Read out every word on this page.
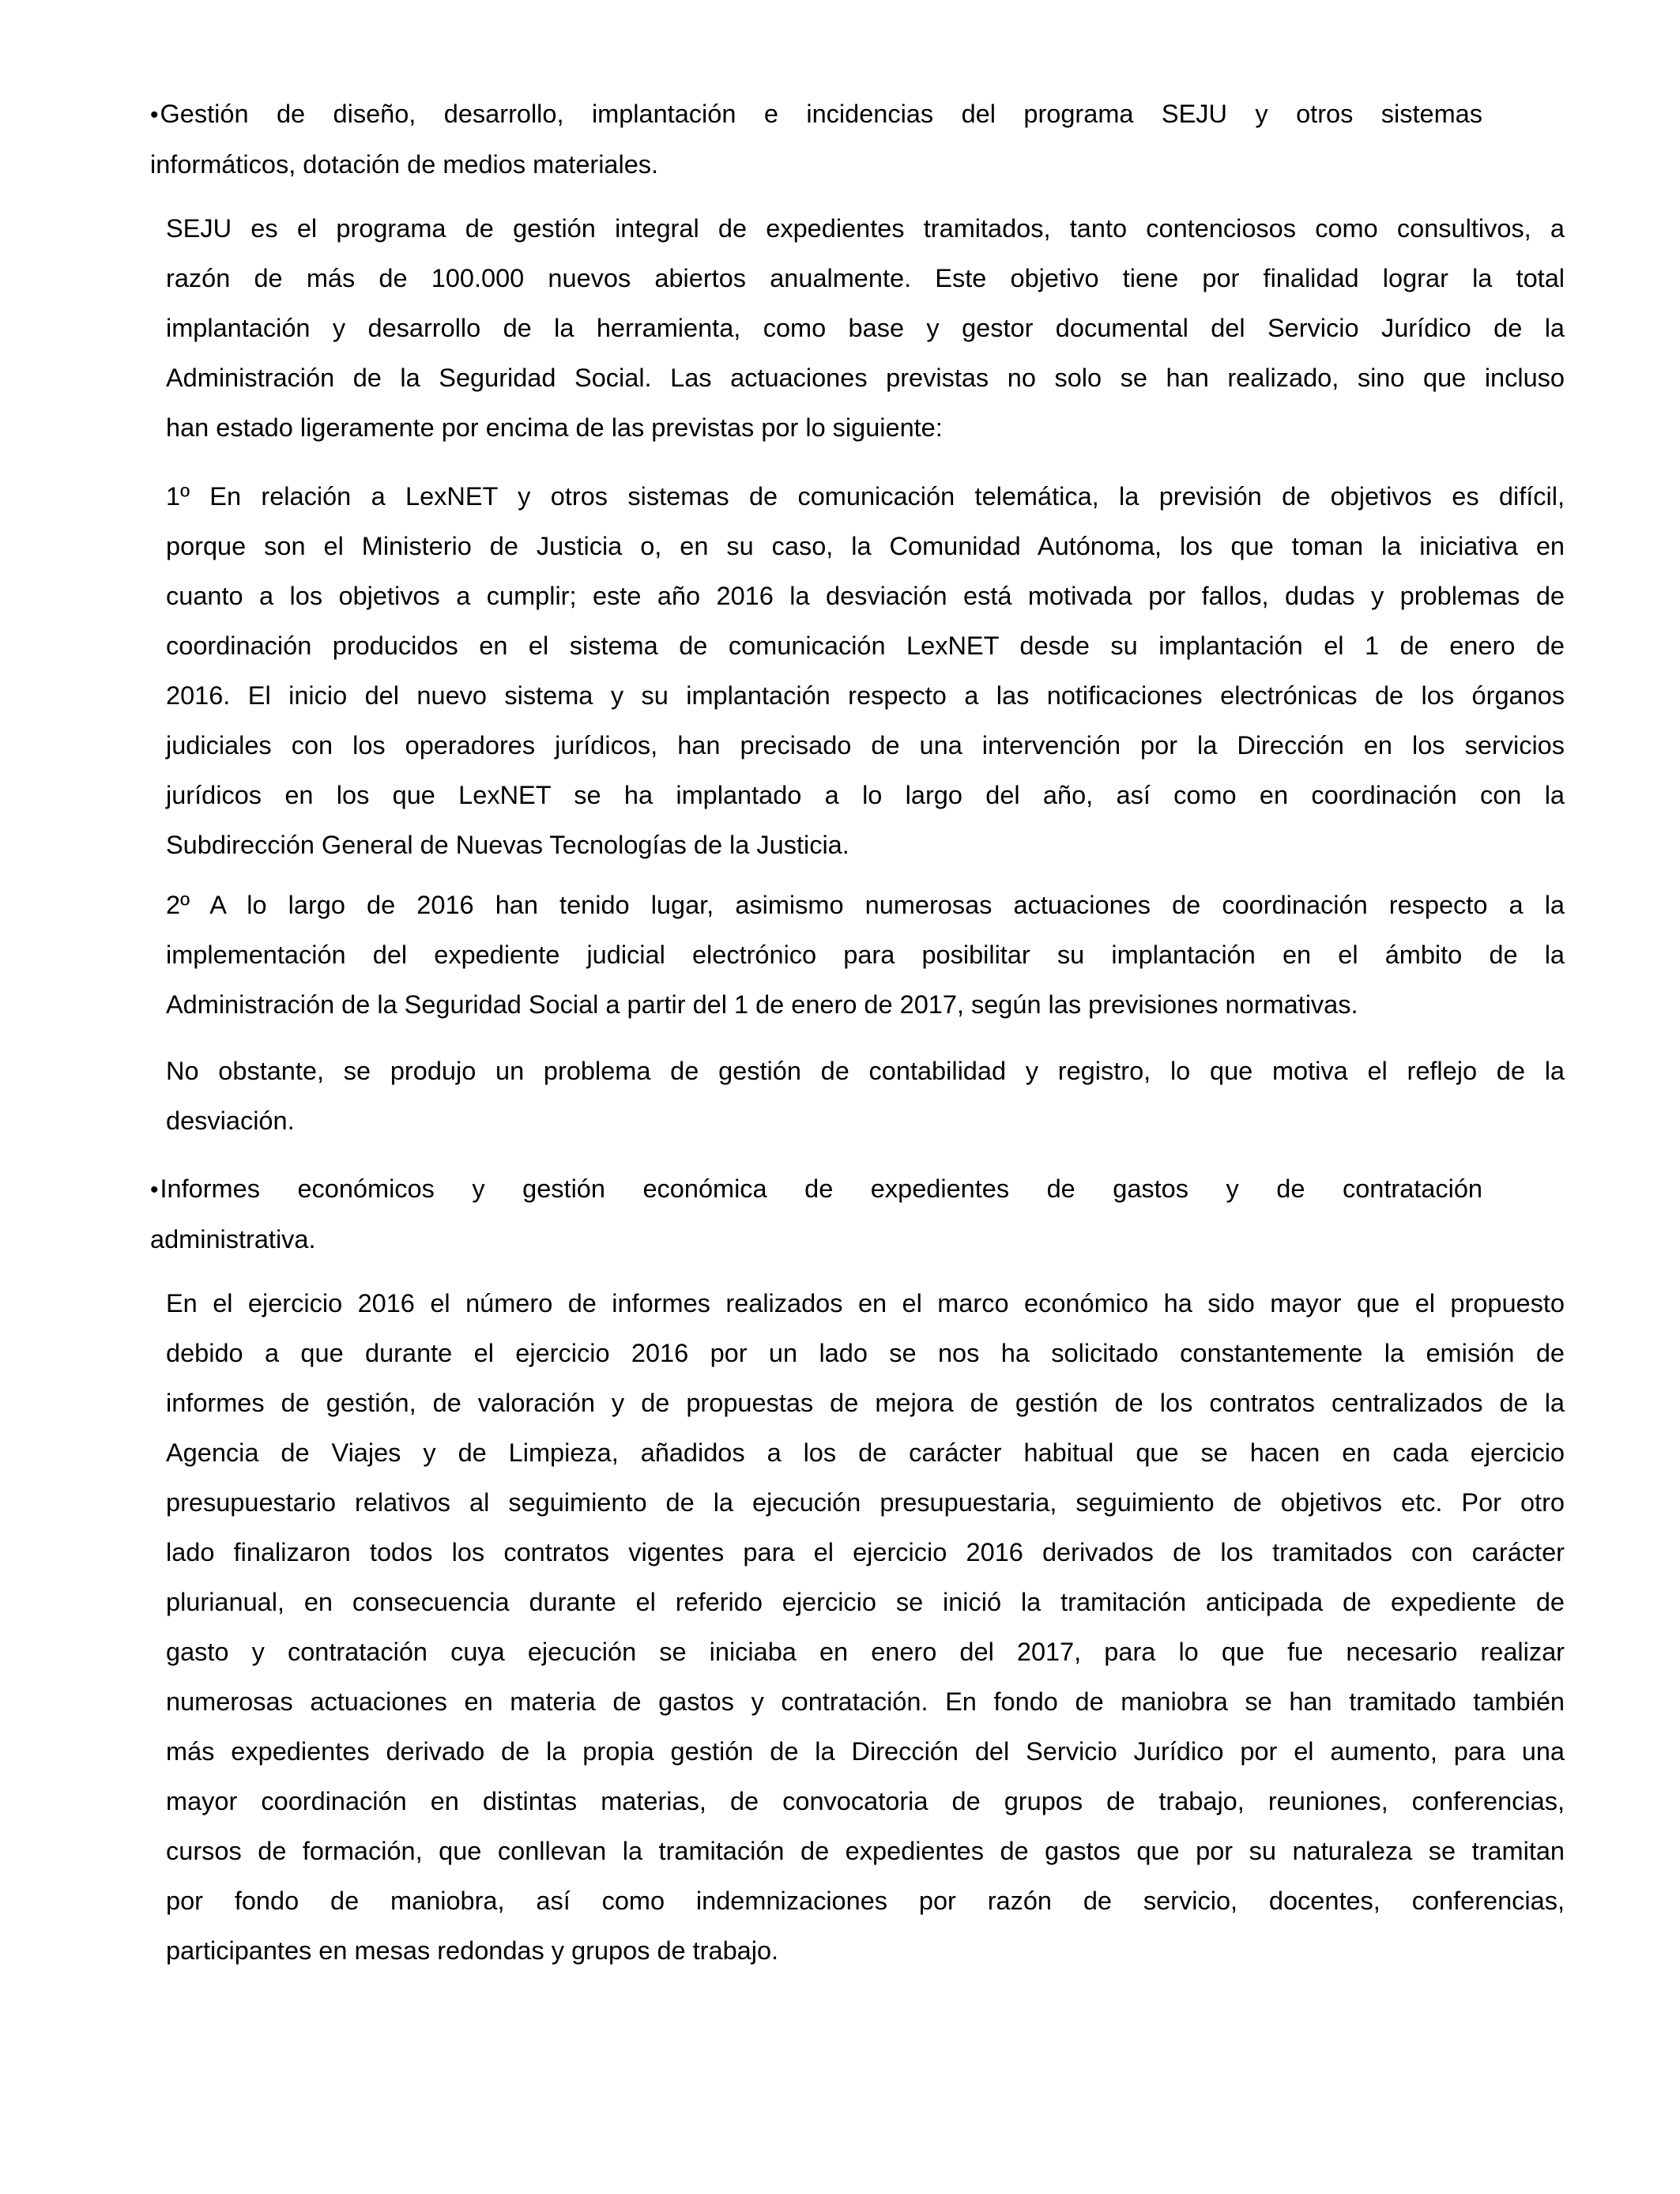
•Gestión de diseño, desarrollo, implantación e incidencias del programa SEJU y otros sistemas
informáticos, dotación de medios materiales.
SEJU es el programa de gestión integral de expedientes tramitados, tanto contenciosos como consultivos, a
razón de más de 100.000 nuevos abiertos anualmente. Este objetivo tiene por finalidad lograr la total
implantación y desarrollo de la herramienta, como base y gestor documental del Servicio Jurídico de la
Administración de la Seguridad Social. Las actuaciones previstas no solo se han realizado, sino que incluso
han estado ligeramente por encima de las previstas por lo siguiente:
1º En relación a LexNET y otros sistemas de comunicación telemática, la previsión de objetivos es difícil,
porque son el Ministerio de Justicia o, en su caso, la Comunidad Autónoma, los que toman la iniciativa en
cuanto a los objetivos a cumplir; este año 2016 la desviación está motivada por fallos, dudas y problemas de
coordinación producidos en el sistema de comunicación LexNET desde su implantación el 1 de enero de
2016. El inicio del nuevo sistema y su implantación respecto a las notificaciones electrónicas de los órganos
judiciales con los operadores jurídicos, han precisado de una intervención por la Dirección en los servicios
jurídicos en los que LexNET se ha implantado a lo largo del año, así como en coordinación con la
Subdirección General de Nuevas Tecnologías de la Justicia.
2º A lo largo de 2016 han tenido lugar, asimismo numerosas actuaciones de coordinación respecto a la
implementación del expediente judicial electrónico para posibilitar su implantación en el ámbito de la
Administración de la Seguridad Social a partir del 1 de enero de 2017, según las previsiones normativas.
No obstante, se produjo un problema de gestión de contabilidad y registro, lo que motiva el reflejo de la
desviación.
•Informes económicos y gestión económica de expedientes de gastos y de contratación
administrativa.
En el ejercicio 2016 el número de informes realizados en el marco económico ha sido mayor que el propuesto
debido a que durante el ejercicio 2016 por un lado se nos ha solicitado constantemente la emisión de
informes de gestión, de valoración y de propuestas de mejora de gestión de los contratos centralizados de la
Agencia de Viajes y de Limpieza, añadidos a los de carácter habitual que se hacen en cada ejercicio
presupuestario relativos al seguimiento de la ejecución presupuestaria, seguimiento de objetivos etc. Por otro
lado finalizaron todos los contratos vigentes para el ejercicio 2016 derivados de los tramitados con carácter
plurianual, en consecuencia durante el referido ejercicio se inició la tramitación anticipada de expediente de
gasto y contratación cuya ejecución se iniciaba en enero del 2017, para lo que fue necesario realizar
numerosas actuaciones en materia de gastos y contratación. En fondo de maniobra se han tramitado también
más expedientes derivado de la propia gestión de la Dirección del Servicio Jurídico por el aumento, para una
mayor coordinación en distintas materias, de convocatoria de grupos de trabajo, reuniones, conferencias,
cursos de formación, que conllevan la tramitación de expedientes de gastos que por su naturaleza se tramitan
por fondo de maniobra, así como indemnizaciones por razón de servicio, docentes, conferencias,
participantes en mesas redondas y grupos de trabajo.
